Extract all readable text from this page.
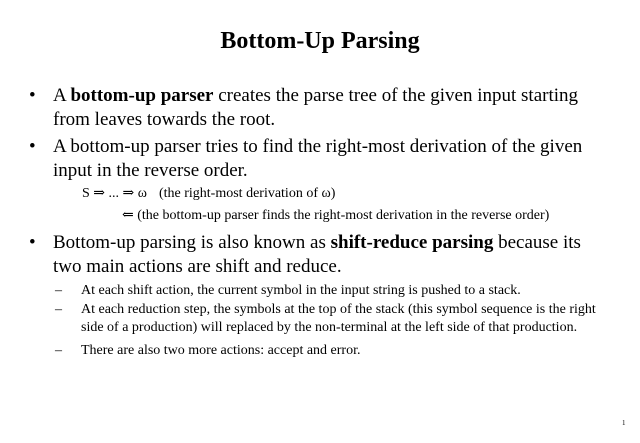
Bottom-Up Parsing
• A bottom-up parser creates the parse tree of the given input starting from leaves towards the root.
• A bottom-up parser tries to find the right-most derivation of the given input in the reverse order.
S ⇒ ... ⇒ ω (the right-most derivation of ω)
⇐ (the bottom-up parser finds the right-most derivation in the reverse order)
• Bottom-up parsing is also known as shift-reduce parsing because its two main actions are shift and reduce.
– At each shift action, the current symbol in the input string is pushed to a stack.
– At each reduction step, the symbols at the top of the stack (this symbol sequence is the right side of a production) will replaced by the non-terminal at the left side of that production.
– There are also two more actions: accept and error.
1
